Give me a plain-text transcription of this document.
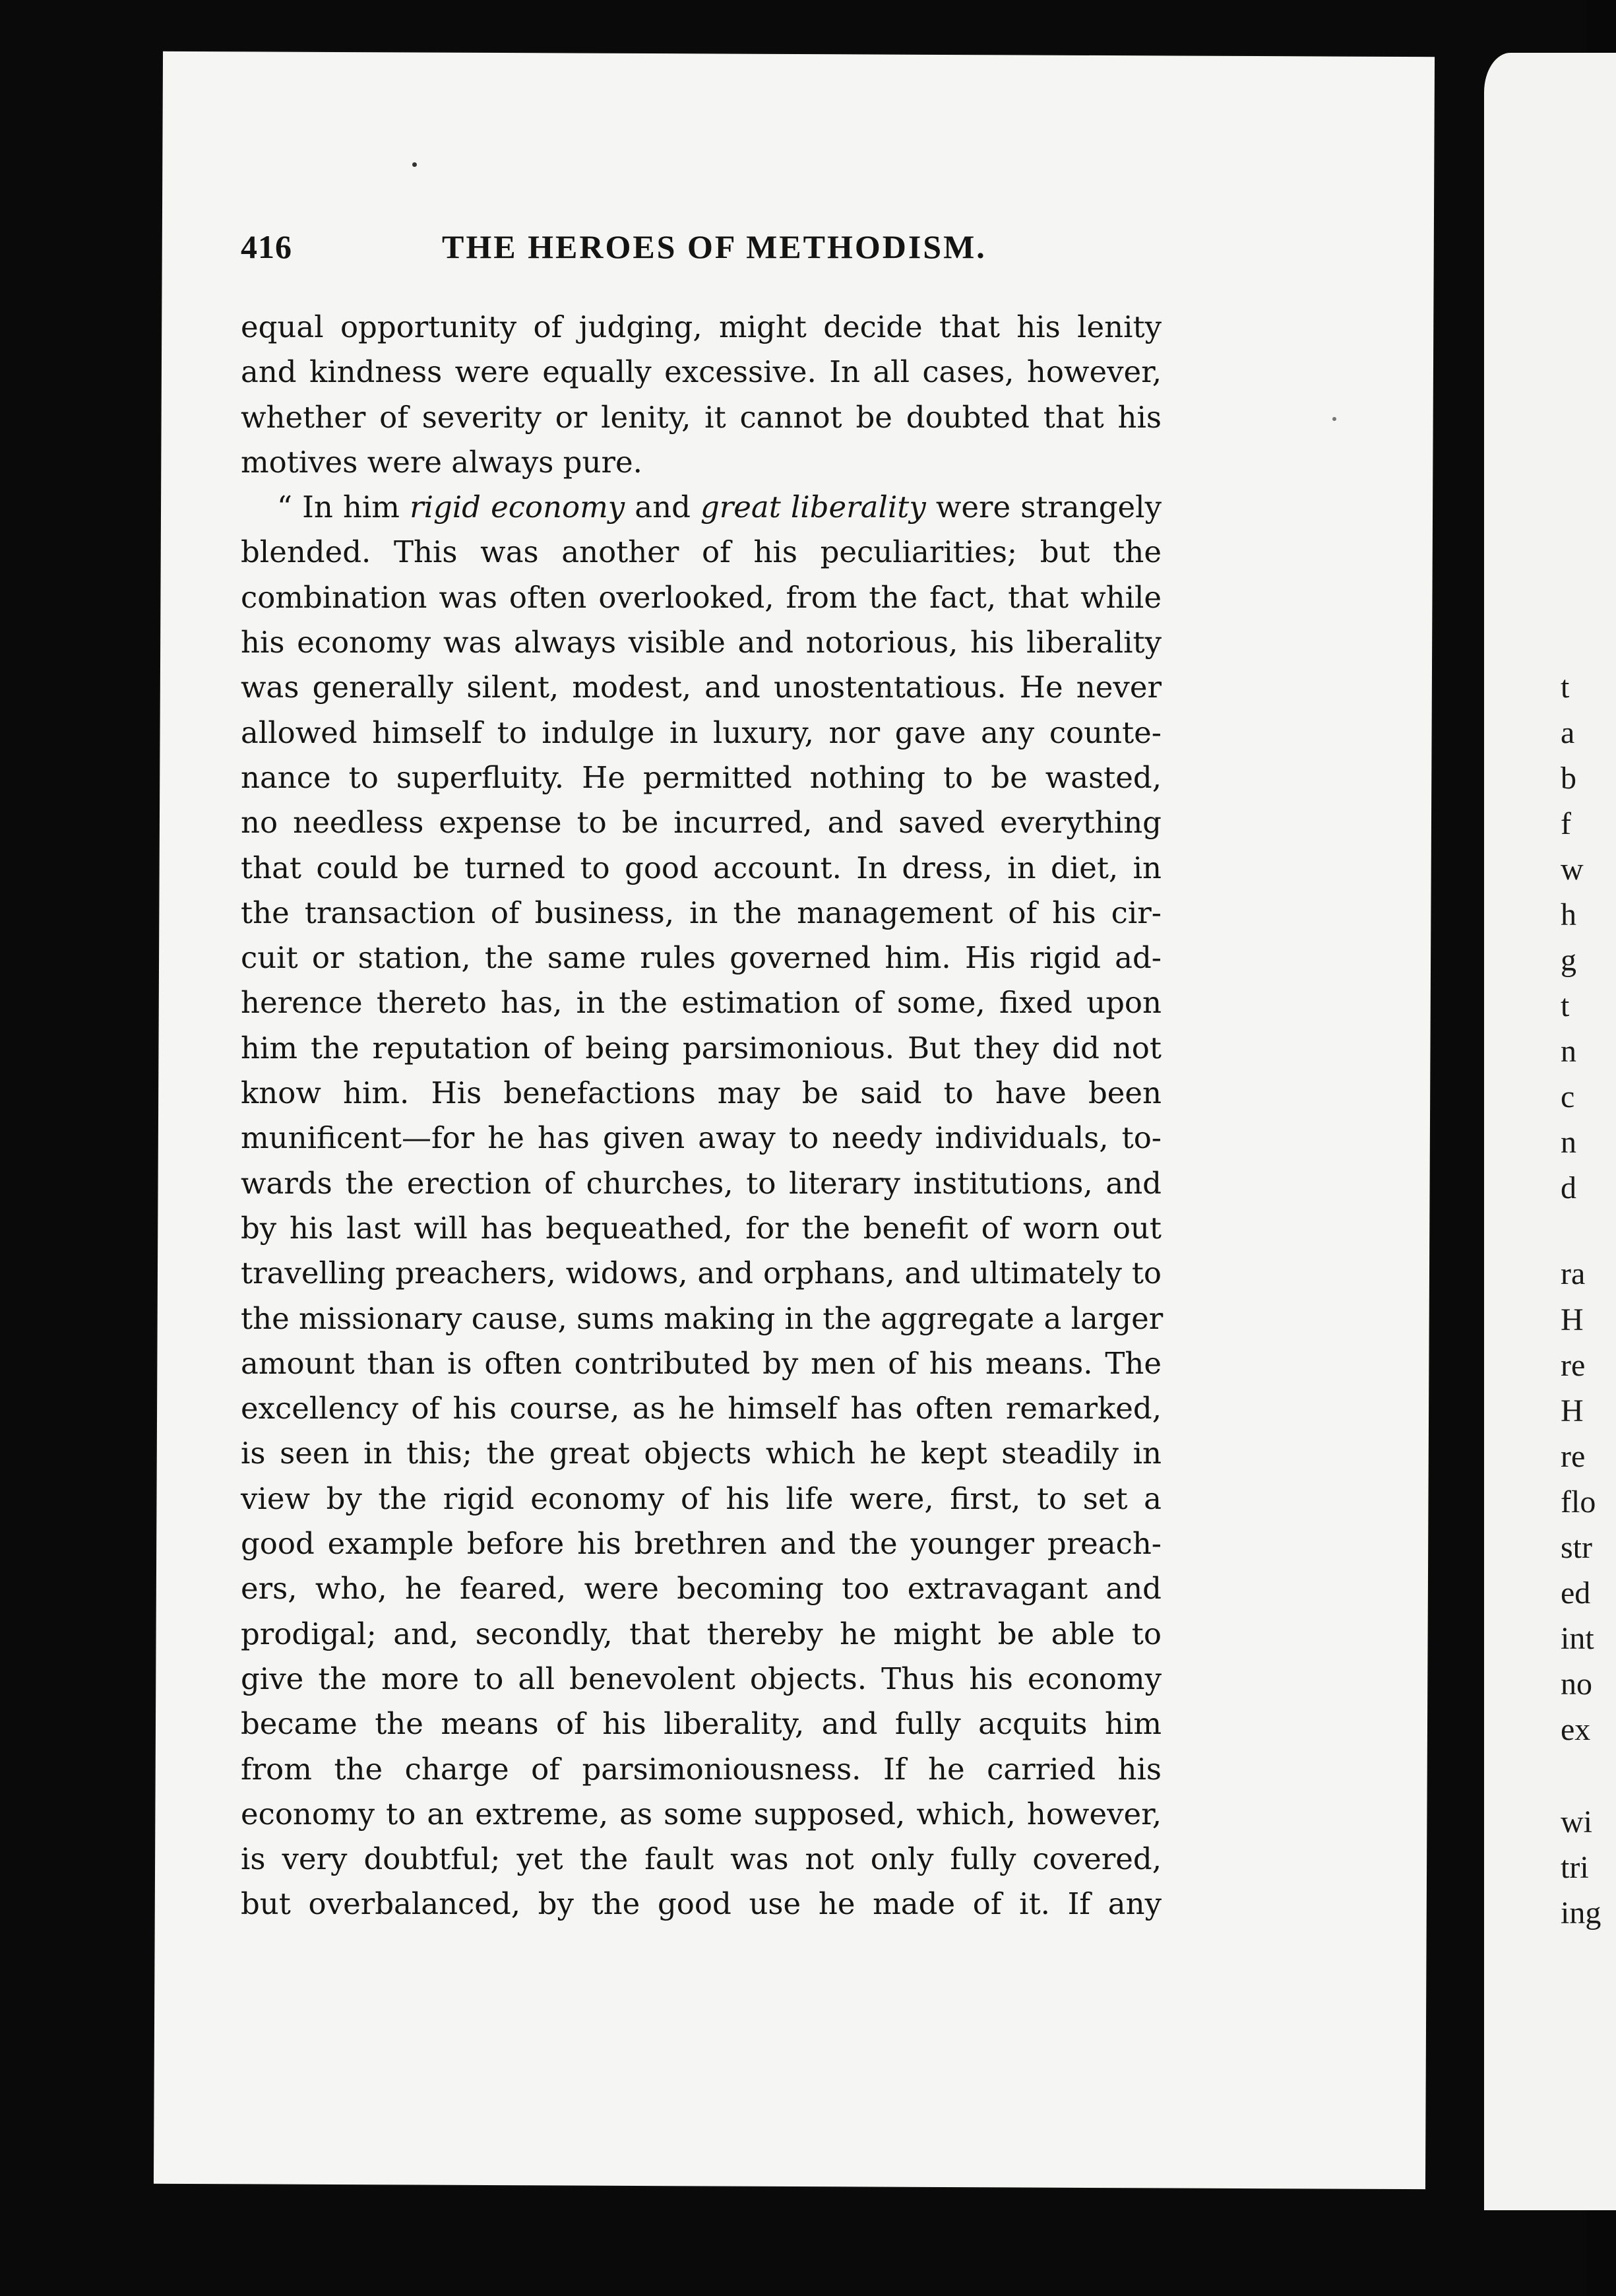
t
a
b
f
w
h
g
t
n
c
n
d
ra
H
re
H
re
flo
str
ed
int
no
ex
wi
tri
ing
416	THE HEROES OF METHODISM.
equal opportunity of judging, might decide that his lenity
and kindness were equally excessive. In all cases, however,
whether of severity or lenity, it cannot be doubted that his
motives were always pure.
“ In him rigid economy and great liberality were strangely
blended. This was another of his peculiarities; but the
combination was often overlooked, from the fact, that while
his economy was always visible and notorious, his liberality
was generally silent, modest, and unostentatious. He never
allowed himself to indulge in luxury, nor gave any counte-
nance to superfluity. He permitted nothing to be wasted,
no needless expense to be incurred, and saved everything
that could be turned to good account. In dress, in diet, in
the transaction of business, in the management of his cir-
cuit or station, the same rules governed him. His rigid ad-
herence thereto has, in the estimation of some, fixed upon
him the reputation of being parsimonious. But they did not
know him. His benefactions may be said to have been
munificent—for he has given away to needy individuals, to-
wards the erection of churches, to literary institutions, and
by his last will has bequeathed, for the benefit of worn out
travelling preachers, widows, and orphans, and ultimately to
the missionary cause, sums making in the aggregate a larger
amount than is often contributed by men of his means. The
excellency of his course, as he himself has often remarked,
is seen in this; the great objects which he kept steadily in
view by the rigid economy of his life were, first, to set a
good example before his brethren and the younger preach-
ers, who, he feared, were becoming too extravagant and
prodigal; and, secondly, that thereby he might be able to
give the more to all benevolent objects. Thus his economy
became the means of his liberality, and fully acquits him
from the charge of parsimoniousness. If he carried his
economy to an extreme, as some supposed, which, however,
is very doubtful; yet the fault was not only fully covered,
but overbalanced, by the good use he made of it. If any
